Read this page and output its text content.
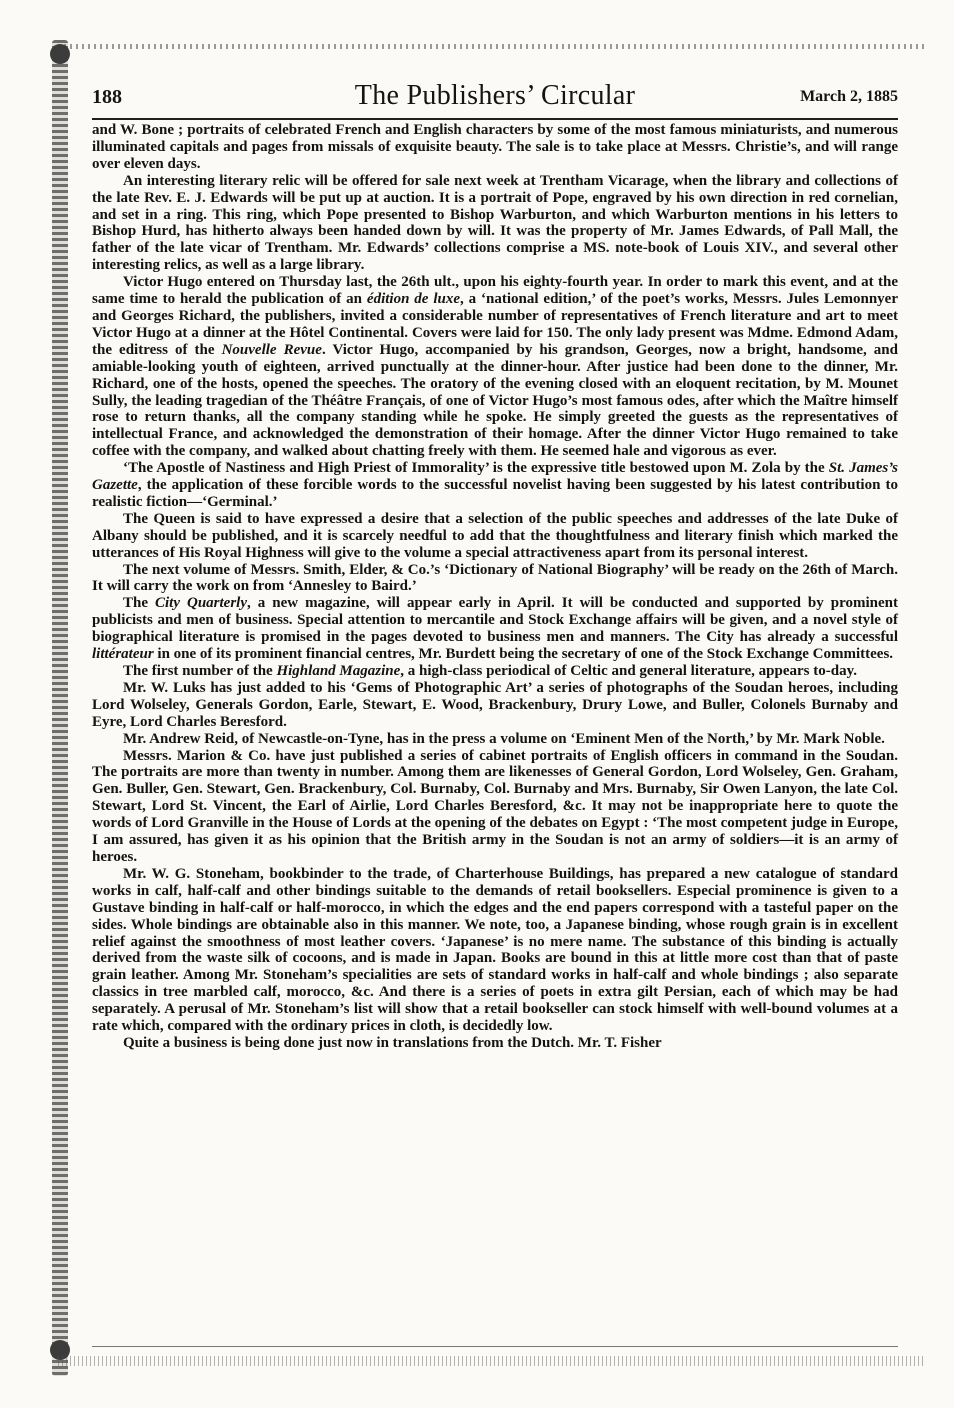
188	The Publishers’ Circular	March 2, 1885

and W. Bone ; portraits of celebrated French and English characters by some of the most famous miniaturists, and numerous illuminated capitals and pages from missals of exquisite beauty. The sale is to take place at Messrs. Christie’s, and will range over eleven days.

An interesting literary relic will be offered for sale next week at Trentham Vicarage, when the library and collections of the late Rev. E. J. Edwards will be put up at auction. It is a portrait of Pope, engraved by his own direction in red cornelian, and set in a ring. This ring, which Pope presented to Bishop Warburton, and which Warburton mentions in his letters to Bishop Hurd, has hitherto always been handed down by will. It was the property of Mr. James Edwards, of Pall Mall, the father of the late vicar of Trentham. Mr. Edwards’ collections comprise a MS. note-book of Louis XIV., and several other interesting relics, as well as a large library.

Victor Hugo entered on Thursday last, the 26th ult., upon his eighty-fourth year. In order to mark this event, and at the same time to herald the publication of an édition de luxe, a ‘national edition,’ of the poet’s works, Messrs. Jules Lemonnyer and Georges Richard, the publishers, invited a considerable number of representatives of French literature and art to meet Victor Hugo at a dinner at the Hôtel Continental. Covers were laid for 150. The only lady present was Mdme. Edmond Adam, the editress of the Nouvelle Revue. Victor Hugo, accompanied by his grandson, Georges, now a bright, handsome, and amiable-looking youth of eighteen, arrived punctually at the dinner-hour. After justice had been done to the dinner, Mr. Richard, one of the hosts, opened the speeches. The oratory of the evening closed with an eloquent recitation, by M. Mounet Sully, the leading tragedian of the Théâtre Français, of one of Victor Hugo’s most famous odes, after which the Maître himself rose to return thanks, all the company standing while he spoke. He simply greeted the guests as the representatives of intellectual France, and acknowledged the demonstration of their homage. After the dinner Victor Hugo remained to take coffee with the company, and walked about chatting freely with them. He seemed hale and vigorous as ever.

‘The Apostle of Nastiness and High Priest of Immorality’ is the expressive title bestowed upon M. Zola by the St. James’s Gazette, the application of these forcible words to the successful novelist having been suggested by his latest contribution to realistic fiction—‘Germinal.’

The Queen is said to have expressed a desire that a selection of the public speeches and addresses of the late Duke of Albany should be published, and it is scarcely needful to add that the thoughtfulness and literary finish which marked the utterances of His Royal Highness will give to the volume a special attractiveness apart from its personal interest.

The next volume of Messrs. Smith, Elder, & Co.’s ‘Dictionary of National Biography’ will be ready on the 26th of March. It will carry the work on from ‘Annesley to Baird.’

The City Quarterly, a new magazine, will appear early in April. It will be conducted and supported by prominent publicists and men of business. Special attention to mercantile and Stock Exchange affairs will be given, and a novel style of biographical literature is promised in the pages devoted to business men and manners. The City has already a successful littérateur in one of its prominent financial centres, Mr. Burdett being the secretary of one of the Stock Exchange Committees.

The first number of the Highland Magazine, a high-class periodical of Celtic and general literature, appears to-day.

Mr. W. Luks has just added to his ‘Gems of Photographic Art’ a series of photographs of the Soudan heroes, including Lord Wolseley, Generals Gordon, Earle, Stewart, E. Wood, Brackenbury, Drury Lowe, and Buller, Colonels Burnaby and Eyre, Lord Charles Beresford.

Mr. Andrew Reid, of Newcastle-on-Tyne, has in the press a volume on ‘Eminent Men of the North,’ by Mr. Mark Noble.

Messrs. Marion & Co. have just published a series of cabinet portraits of English officers in command in the Soudan. The portraits are more than twenty in number. Among them are likenesses of General Gordon, Lord Wolseley, Gen. Graham, Gen. Buller, Gen. Stewart, Gen. Brackenbury, Col. Burnaby, Col. Burnaby and Mrs. Burnaby, Sir Owen Lanyon, the late Col. Stewart, Lord St. Vincent, the Earl of Airlie, Lord Charles Beresford, &c. It may not be inappropriate here to quote the words of Lord Granville in the House of Lords at the opening of the debates on Egypt : ‘The most competent judge in Europe, I am assured, has given it as his opinion that the British army in the Soudan is not an army of soldiers—it is an army of heroes.

Mr. W. G. Stoneham, bookbinder to the trade, of Charterhouse Buildings, has prepared a new catalogue of standard works in calf, half-calf and other bindings suitable to the demands of retail booksellers. Especial prominence is given to a Gustave binding in half-calf or half-morocco, in which the edges and the end papers correspond with a tasteful paper on the sides. Whole bindings are obtainable also in this manner. We note, too, a Japanese binding, whose rough grain is in excellent relief against the smoothness of most leather covers. ‘Japanese’ is no mere name. The substance of this binding is actually derived from the waste silk of cocoons, and is made in Japan. Books are bound in this at little more cost than that of paste grain leather. Among Mr. Stoneham’s specialities are sets of standard works in half-calf and whole bindings ; also separate classics in tree marbled calf, morocco, &c. And there is a series of poets in extra gilt Persian, each of which may be had separately. A perusal of Mr. Stoneham’s list will show that a retail bookseller can stock himself with well-bound volumes at a rate which, compared with the ordinary prices in cloth, is decidedly low.

Quite a business is being done just now in translations from the Dutch. Mr. T. Fisher
